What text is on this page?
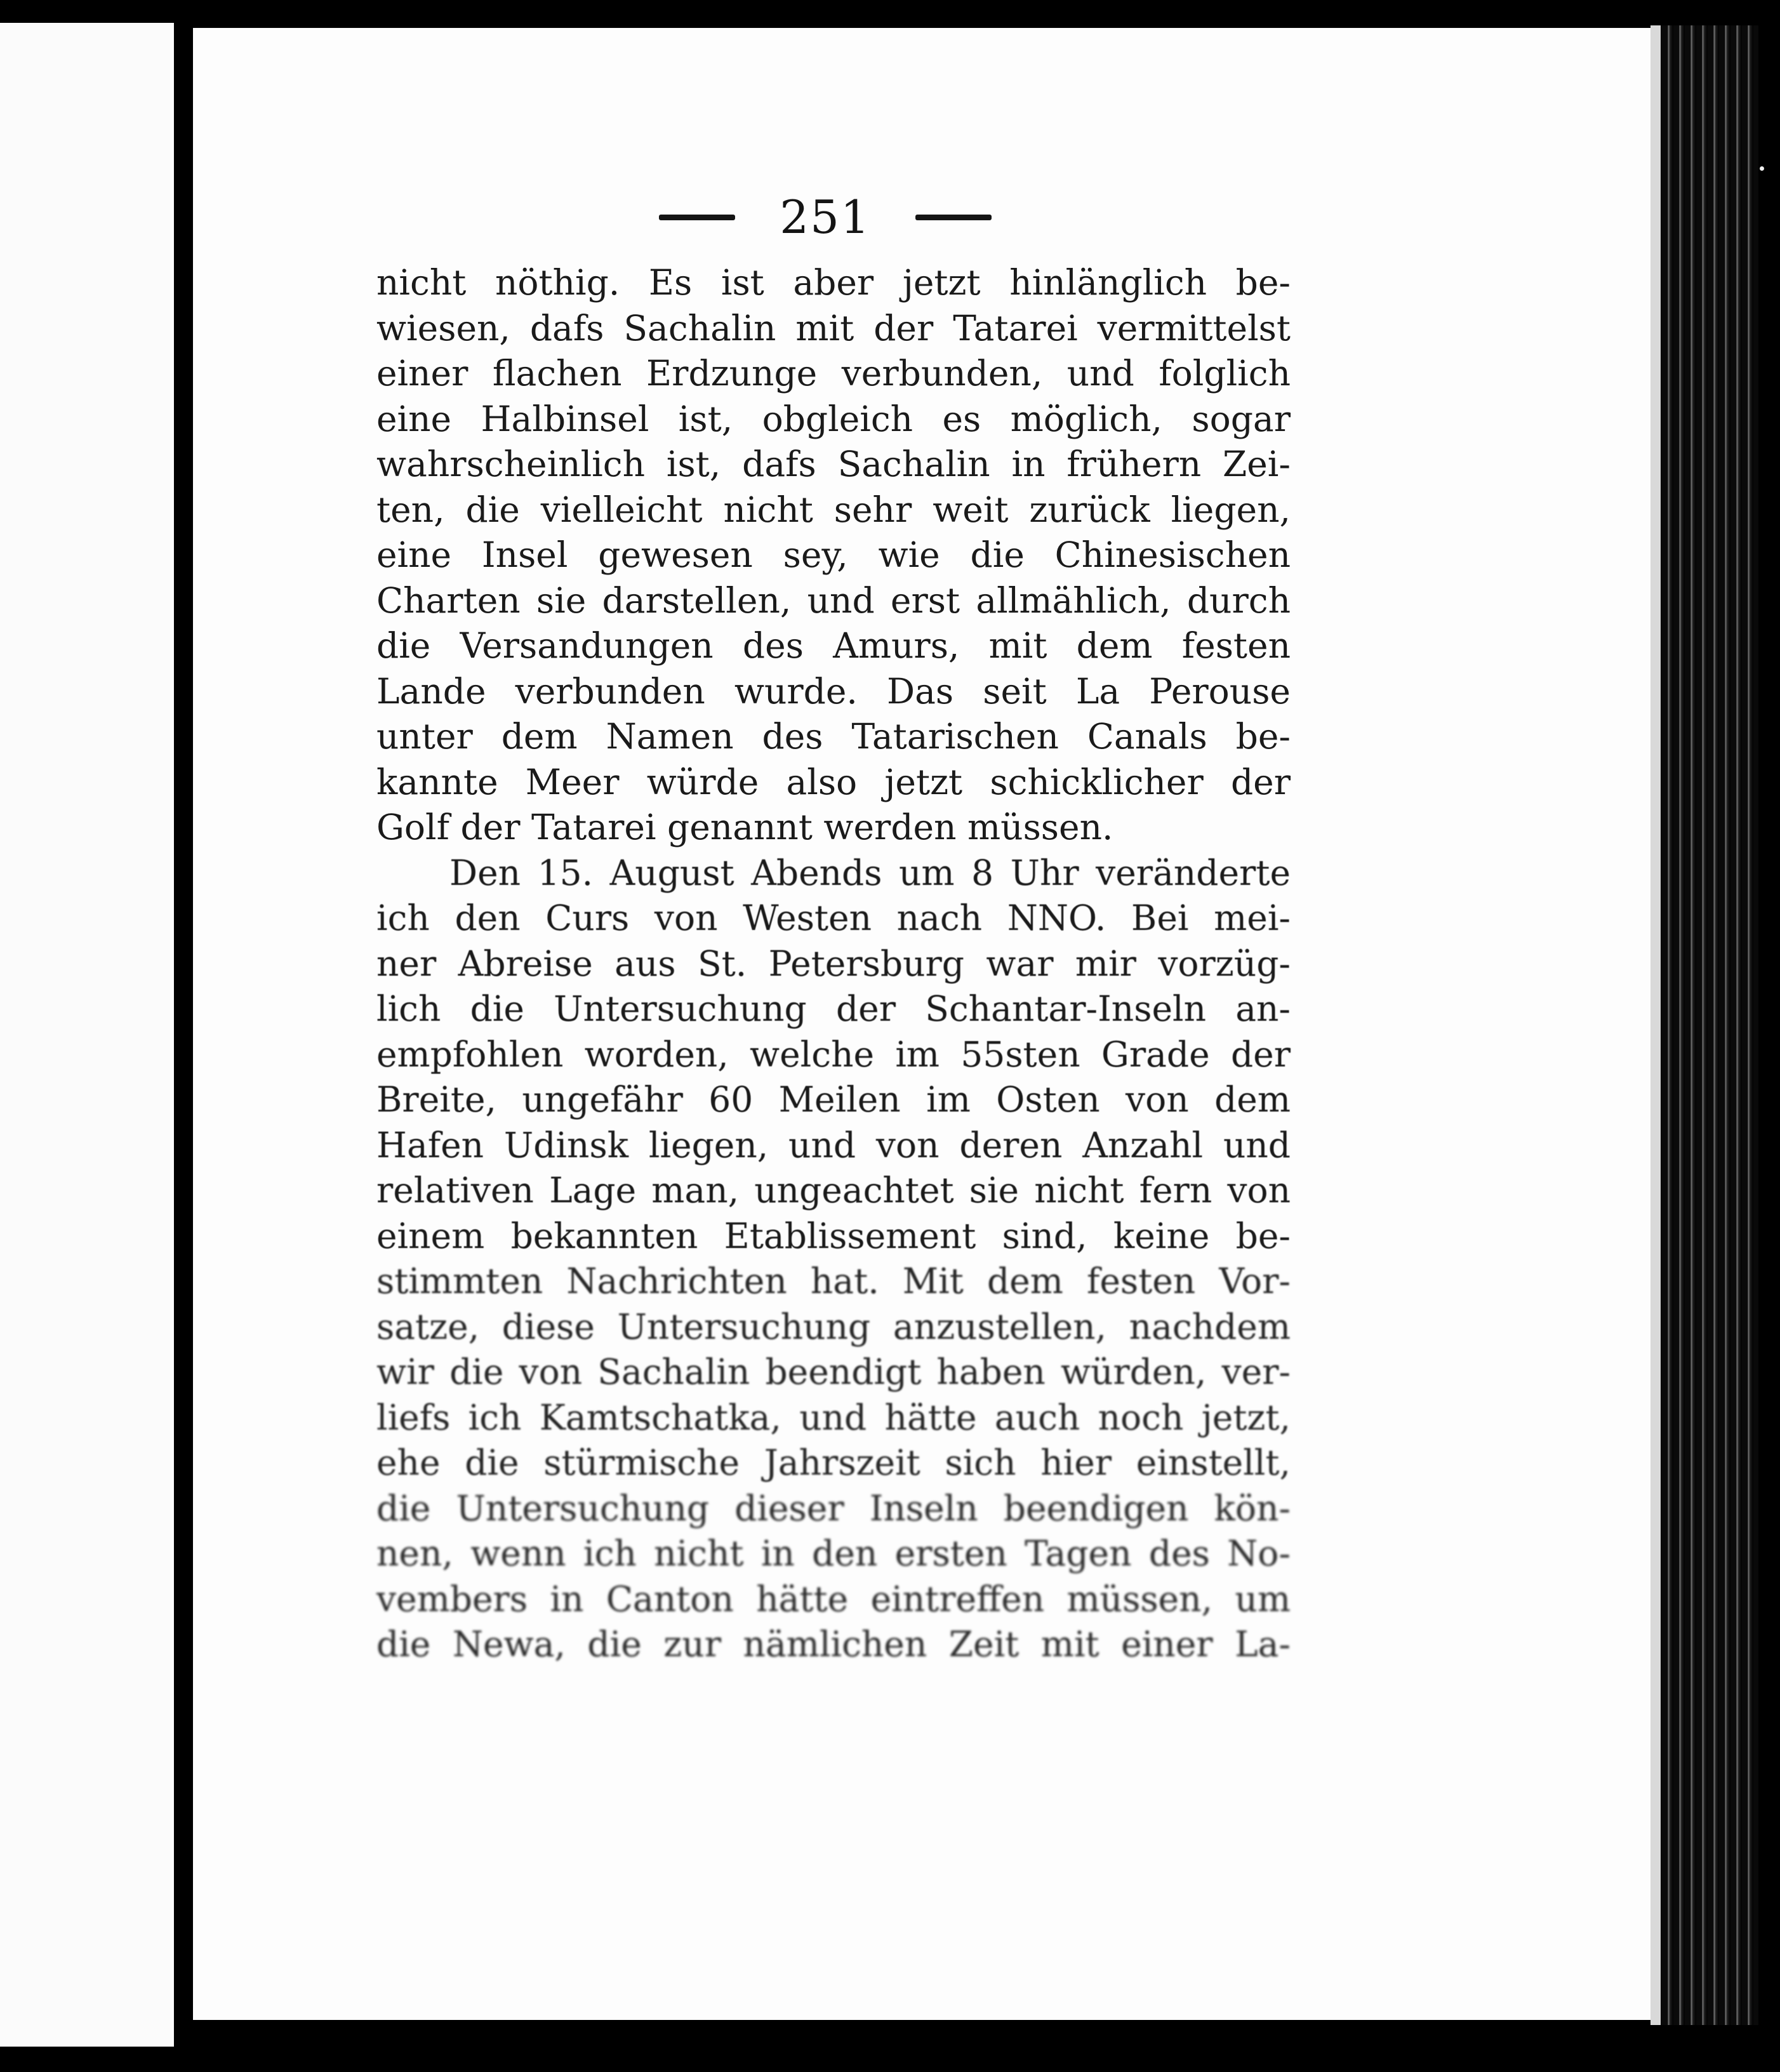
251
nicht nöthig. Es ist aber jetzt hinlänglich be-
wiesen, dafs Sachalin mit der Tatarei vermittelst
einer flachen Erdzunge verbunden, und folglich
eine Halbinsel ist, obgleich es möglich, sogar
wahrscheinlich ist, dafs Sachalin in frühern Zei-
ten, die vielleicht nicht sehr weit zurück liegen,
eine Insel gewesen sey, wie die Chinesischen
Charten sie darstellen, und erst allmählich, durch
die Versandungen des Amurs, mit dem festen
Lande verbunden wurde. Das seit La Perouse
unter dem Namen des Tatarischen Canals be-
kannte Meer würde also jetzt schicklicher der
Golf der Tatarei genannt werden müssen.
Den 15. August Abends um 8 Uhr veränderte
ich den Curs von Westen nach NNO. Bei mei-
ner Abreise aus St. Petersburg war mir vorzüg-
lich die Untersuchung der Schantar-Inseln an-
empfohlen worden, welche im 55sten Grade der
Breite, ungefähr 60 Meilen im Osten von dem
Hafen Udinsk liegen, und von deren Anzahl und
relativen Lage man, ungeachtet sie nicht fern von
einem bekannten Etablissement sind, keine be-
stimmten Nachrichten hat. Mit dem festen Vor-
satze, diese Untersuchung anzustellen, nachdem
wir die von Sachalin beendigt haben würden, ver-
liefs ich Kamtschatka, und hätte auch noch jetzt,
ehe die stürmische Jahrszeit sich hier einstellt,
die Untersuchung dieser Inseln beendigen kön-
nen, wenn ich nicht in den ersten Tagen des No-
vembers in Canton hätte eintreffen müssen, um
die Newa, die zur nämlichen Zeit mit einer La-
